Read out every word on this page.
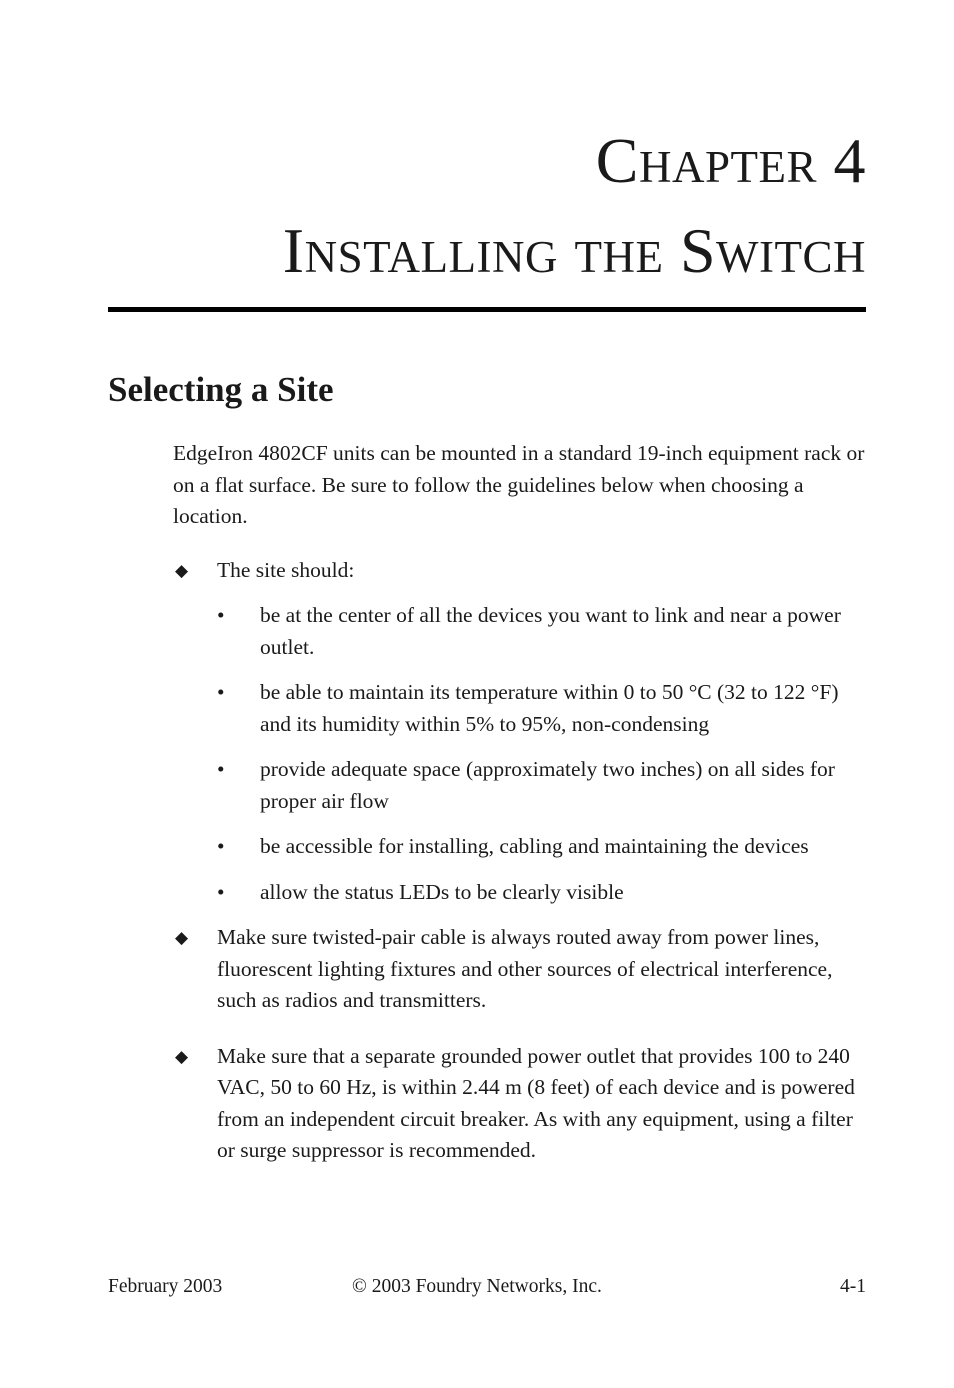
Chapter 4
Installing the Switch
Selecting a Site

EdgeIron 4802CF units can be mounted in a standard 19-inch equipment rack or on a flat surface. Be sure to follow the guidelines below when choosing a location.

◆ The site should:
• be at the center of all the devices you want to link and near a power outlet.
• be able to maintain its temperature within 0 to 50 °C (32 to 122 °F) and its humidity within 5% to 95%, non-condensing
• provide adequate space (approximately two inches) on all sides for proper air flow
• be accessible for installing, cabling and maintaining the devices
• allow the status LEDs to be clearly visible
◆ Make sure twisted-pair cable is always routed away from power lines, fluorescent lighting fixtures and other sources of electrical interference, such as radios and transmitters.
◆ Make sure that a separate grounded power outlet that provides 100 to 240 VAC, 50 to 60 Hz, is within 2.44 m (8 feet) of each device and is powered from an independent circuit breaker. As with any equipment, using a filter or surge suppressor is recommended.
February 2003	© 2003 Foundry Networks, Inc.	4-1
